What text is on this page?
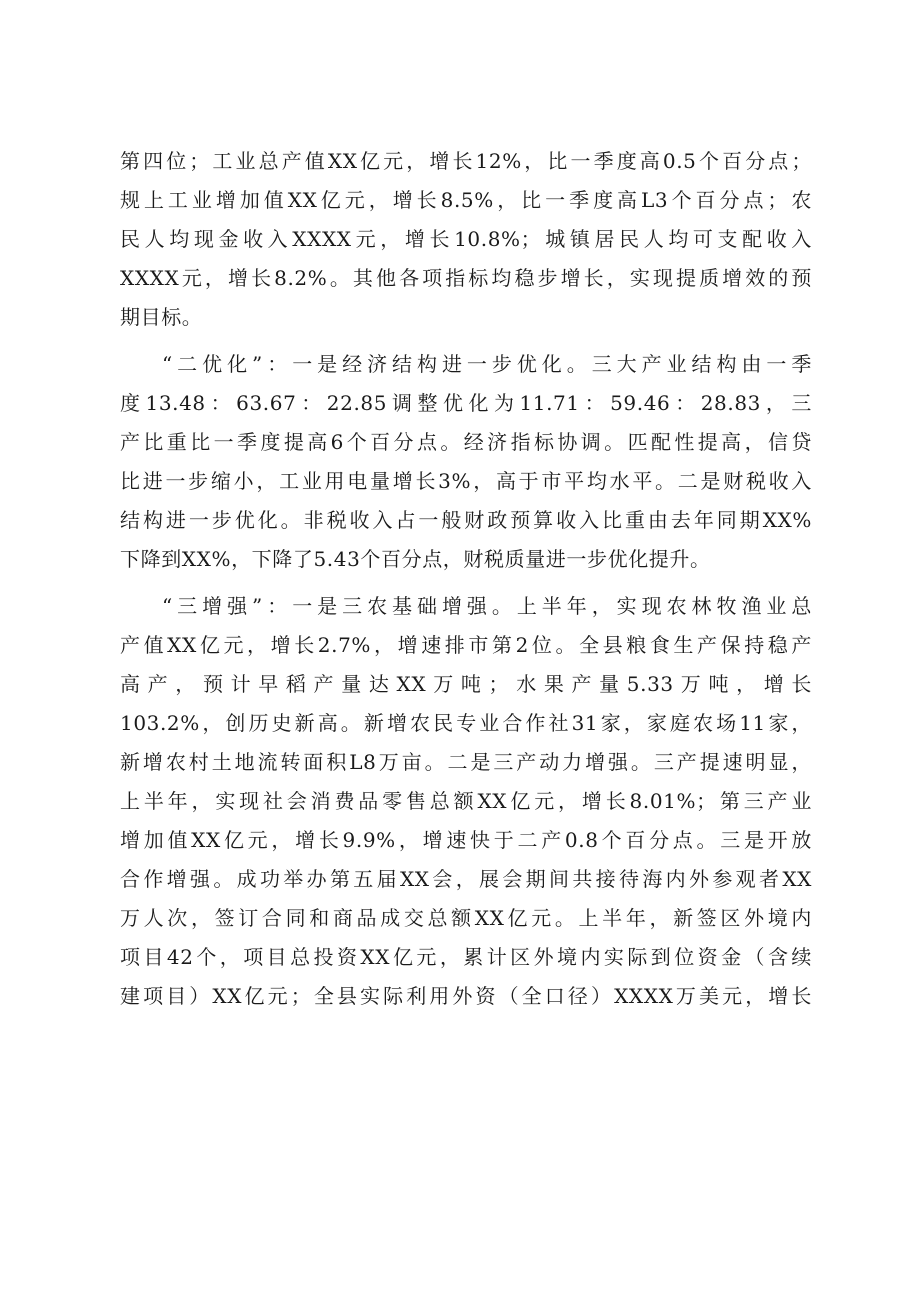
第四位；工业总产值XX亿元，增长12%，比一季度高0.5个百分点；
规上工业增加值XX亿元，增长8.5%，比一季度高L3个百分点；农
民人均现金收入XXXX元，增长10.8%；城镇居民人均可支配收入
XXXX元，增长8.2%。其他各项指标均稳步增长，实现提质增效的预
期目标。
“二优化”：一是经济结构进一步优化。三大产业结构由一季
度13.48：63.67：22.85调整优化为11.71：59.46：28.83，三
产比重比一季度提高6个百分点。经济指标协调。匹配性提高，信贷
比进一步缩小，工业用电量增长3%，高于市平均水平。二是财税收入
结构进一步优化。非税收入占一般财政预算收入比重由去年同期XX%
下降到XX%，下降了5.43个百分点，财税质量进一步优化提升。
“三增强”：一是三农基础增强。上半年，实现农林牧渔业总
产值XX亿元，增长2.7%，增速排市第2位。全县粮食生产保持稳产
高产，预计早稻产量达XX万吨；水果产量5.33万吨，增长
103.2%，创历史新高。新增农民专业合作社31家，家庭农场11家，
新增农村土地流转面积L8万亩。二是三产动力增强。三产提速明显，
上半年，实现社会消费品零售总额XX亿元，增长8.01%；第三产业
增加值XX亿元，增长9.9%，增速快于二产0.8个百分点。三是开放
合作增强。成功举办第五届XX会，展会期间共接待海内外参观者XX
万人次，签订合同和商品成交总额XX亿元。上半年，新签区外境内
项目42个，项目总投资XX亿元，累计区外境内实际到位资金（含续
建项目）XX亿元；全县实际利用外资（全口径）XXXX万美元，增长
